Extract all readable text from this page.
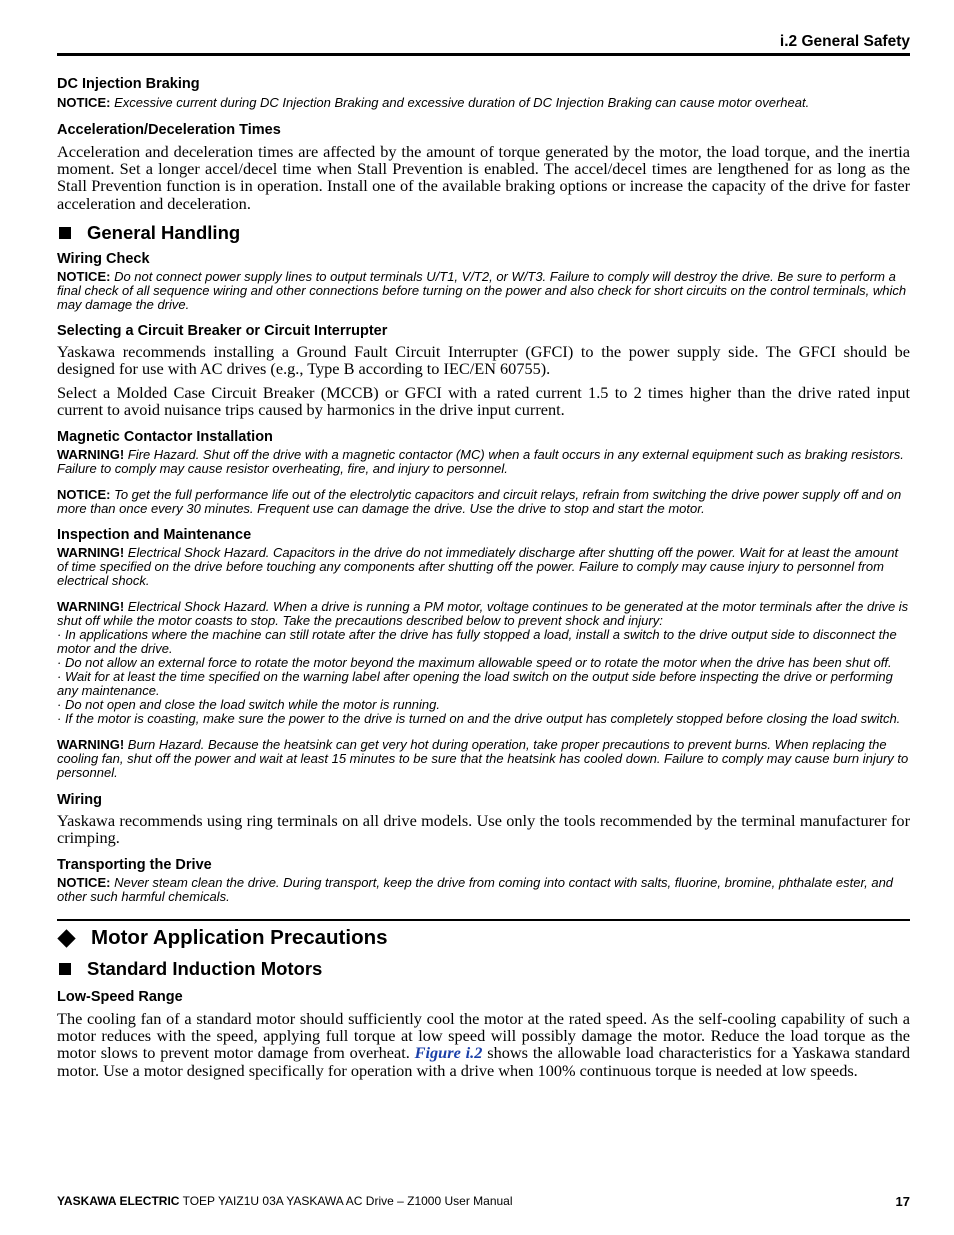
i.2 General Safety
DC Injection Braking

NOTICE: Excessive current during DC Injection Braking and excessive duration of DC Injection Braking can cause motor overheat.

Acceleration/Deceleration Times

Acceleration and deceleration times are affected by the amount of torque generated by the motor, the load torque, and the inertia moment. Set a longer accel/decel time when Stall Prevention is enabled. The accel/decel times are lengthened for as long as the Stall Prevention function is in operation. Install one of the available braking options or increase the capacity of the drive for faster acceleration and deceleration.

General Handling
Wiring Check

NOTICE: Do not connect power supply lines to output terminals U/T1, V/T2, or W/T3. Failure to comply will destroy the drive. Be sure to perform a final check of all sequence wiring and other connections before turning on the power and also check for short circuits on the control terminals, which may damage the drive.

Selecting a Circuit Breaker or Circuit Interrupter

Yaskawa recommends installing a Ground Fault Circuit Interrupter (GFCI) to the power supply side. The GFCI should be designed for use with AC drives (e.g., Type B according to IEC/EN 60755).

Select a Molded Case Circuit Breaker (MCCB) or GFCI with a rated current 1.5 to 2 times higher than the drive rated input current to avoid nuisance trips caused by harmonics in the drive input current.

Magnetic Contactor Installation

WARNING! Fire Hazard. Shut off the drive with a magnetic contactor (MC) when a fault occurs in any external equipment such as braking resistors. Failure to comply may cause resistor overheating, fire, and injury to personnel.

NOTICE: To get the full performance life out of the electrolytic capacitors and circuit relays, refrain from switching the drive power supply off and on more than once every 30 minutes. Frequent use can damage the drive. Use the drive to stop and start the motor.

Inspection and Maintenance

WARNING! Electrical Shock Hazard. Capacitors in the drive do not immediately discharge after shutting off the power. Wait for at least the amount of time specified on the drive before touching any components after shutting off the power. Failure to comply may cause injury to personnel from electrical shock.

WARNING! Electrical Shock Hazard. When a drive is running a PM motor, voltage continues to be generated at the motor terminals after the drive is shut off while the motor coasts to stop. Take the precautions described below to prevent shock and injury:

· In applications where the machine can still rotate after the drive has fully stopped a load, install a switch to the drive output side to disconnect the motor and the drive.

· Do not allow an external force to rotate the motor beyond the maximum allowable speed or to rotate the motor when the drive has been shut off.

· Wait for at least the time specified on the warning label after opening the load switch on the output side before inspecting the drive or performing any maintenance.

· Do not open and close the load switch while the motor is running.

· If the motor is coasting, make sure the power to the drive is turned on and the drive output has completely stopped before closing the load switch.

WARNING! Burn Hazard. Because the heatsink can get very hot during operation, take proper precautions to prevent burns. When replacing the cooling fan, shut off the power and wait at least 15 minutes to be sure that the heatsink has cooled down. Failure to comply may cause burn injury to personnel.

Wiring

Yaskawa recommends using ring terminals on all drive models. Use only the tools recommended by the terminal manufacturer for crimping.

Transporting the Drive

NOTICE: Never steam clean the drive. During transport, keep the drive from coming into contact with salts, fluorine, bromine, phthalate ester, and other such harmful chemicals.

Motor Application Precautions
Standard Induction Motors
Low-Speed Range

The cooling fan of a standard motor should sufficiently cool the motor at the rated speed. As the self-cooling capability of such a motor reduces with the speed, applying full torque at low speed will possibly damage the motor. Reduce the load torque as the motor slows to prevent motor damage from overheat. Figure i.2 shows the allowable load characteristics for a Yaskawa standard motor. Use a motor designed specifically for operation with a drive when 100% continuous torque is needed at low speeds.

YASKAWA ELECTRIC TOEP YAIZ1U 03A YASKAWA AC Drive – Z1000 User Manual	17
